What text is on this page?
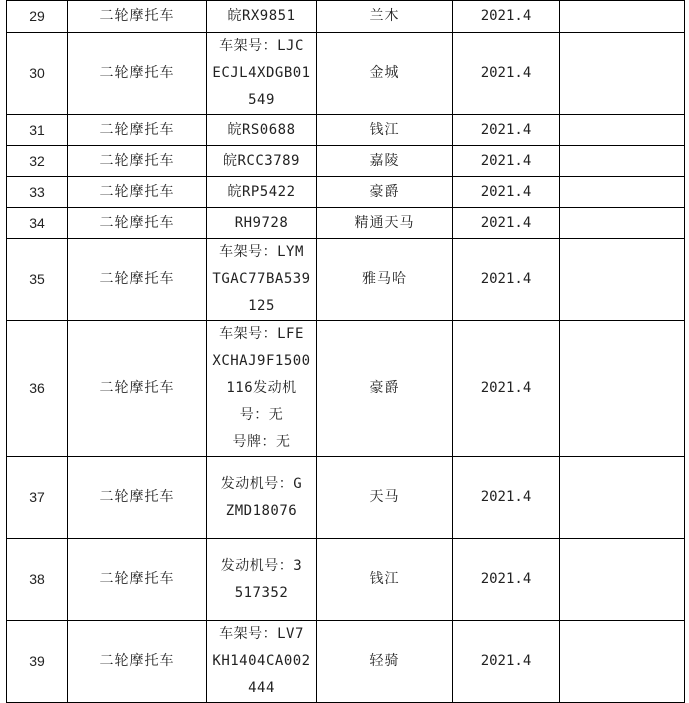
29	二轮摩托车	皖RX9851	兰木	2021.4	
30	二轮摩托车	车架号：LJC
ECJL4XDGB01
549	金城	2021.4	
31	二轮摩托车	皖RS0688	钱江	2021.4	
32	二轮摩托车	皖RCC3789	嘉陵	2021.4	
33	二轮摩托车	皖RP5422	豪爵	2021.4	
34	二轮摩托车	RH9728	精通天马	2021.4	
35	二轮摩托车	车架号：LYM
TGAC77BA539
125	雅马哈	2021.4	
36	二轮摩托车	车架号：LFE
XCHAJ9F1500
116发动机
号：无
号牌：无	豪爵	2021.4	
37	二轮摩托车	发动机号：G
ZMD18076	天马	2021.4	
38	二轮摩托车	发动机号：3
517352	钱江	2021.4	
39	二轮摩托车	车架号：LV7
KH1404CA002
444	轻骑	2021.4	
